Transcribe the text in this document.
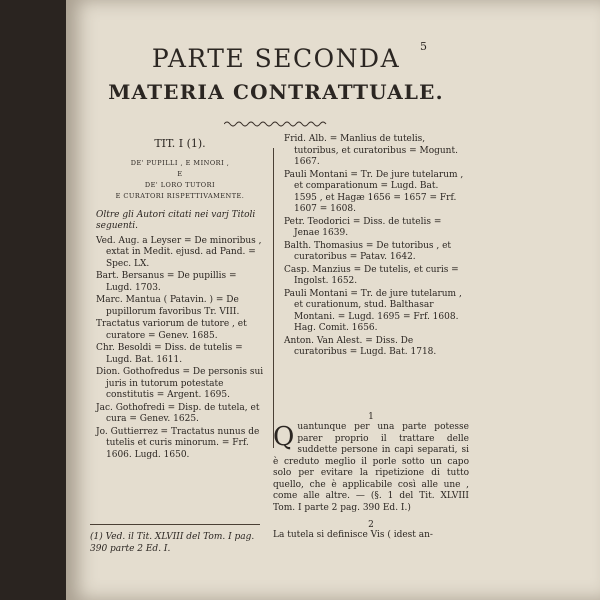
5
PARTE SECONDA
MATERIA CONTRATTUALE.
TIT. I (1).
DE' PUPILLI , E MINORI ,
E
DE' LORO TUTORI
E CURATORI RISPETTIVAMENTE.
Oltre gli Autori citati nei varj Titoli seguenti.
Ved. Aug. a Leyser = De minoribus , extat in Medit. ejusd. ad Pand. = Spec. LX.
Bart. Bersanus = De pupillis = Lugd. 1703.
Marc. Mantua ( Patavin. ) = De pupillorum favoribus Tr. VIII.
Tractatus variorum de tutore , et curatore = Genev. 1685.
Chr. Besoldi = Diss. de tutelis = Lugd. Bat. 1611.
Dion. Gothofredus = De personis sui juris in tutorum potestate constitutis = Argent. 1695.
Jac. Gothofredi = Disp. de tutela, et cura = Genev. 1625.
Jo. Guttierrez = Tractatus nunus de tutelis et curis minorum. = Frf. 1606. Lugd. 1650.
Frid. Alb. = Manlius de tutelis, tutoribus, et curatoribus = Mogunt. 1667.
Pauli Montani = Tr. De jure tutelarum , et comparationum = Lugd. Bat. 1595 , et Hagæ 1656 = 1657 = Frf. 1607 = 1608.
Petr. Teodorici = Diss. de tutelis = Jenae 1639.
Balth. Thomasius = De tutoribus , et curatoribus = Patav. 1642.
Casp. Manzius = De tutelis, et curis = Ingolst. 1652.
Pauli Montani = Tr. de jure tutelarum , et curationum, stud. Balthasar Montani. = Lugd. 1695 = Frf. 1608. Hag. Comit. 1656.
Anton. Van Alest. = Diss. De curatoribus = Lugd. Bat. 1718.
1
Quantunque per una parte potesse parer proprio il trattare delle suddette persone in capi separati, si è creduto meglio il porle sotto un capo solo per evitare la ripetizione di tutto quello, che è applicabile così alle une , come alle altre. — (§. 1 del Tit. XLVIII Tom. I parte 2 pag. 390 Ed. I.)
2
La tutela si definisce Vis ( idest an-
(1) Ved. il Tit. XLVIII del Tom. I pag. 390 parte 2 Ed. I.
